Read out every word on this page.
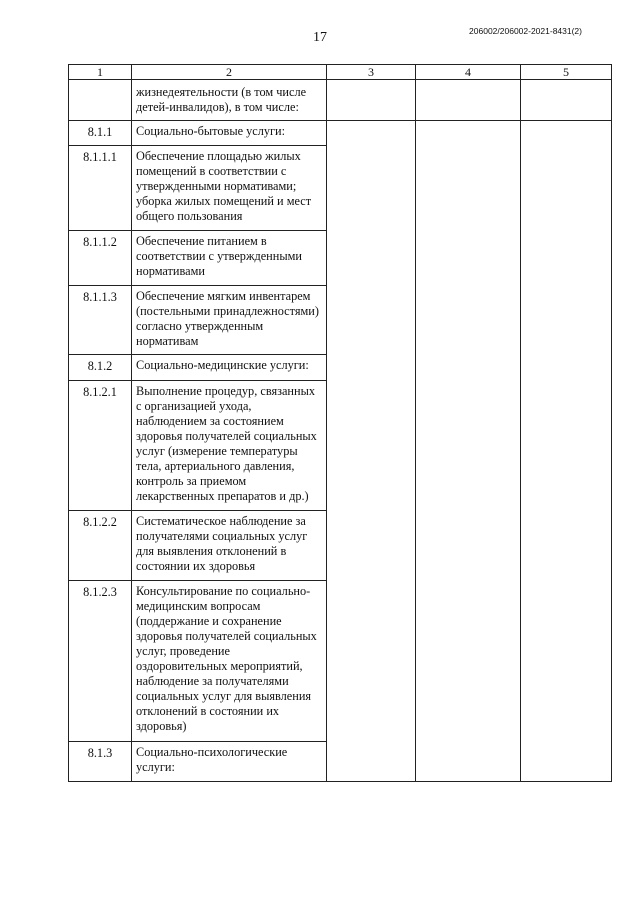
17	206002/206002-2021-8431(2)
1	2	3	4	5
	жизнедеятельности (в том числе детей-инвалидов), в том числе:			
8.1.1	Социально-бытовые услуги:			
8.1.1.1	Обеспечение площадью жилых помещений в соответствии с утвержденными нормативами; уборка жилых помещений и мест общего пользования			
8.1.1.2	Обеспечение питанием в соответствии с утвержденными нормативами			
8.1.1.3	Обеспечение мягким инвентарем (постельными принадлежностями) согласно утвержденным нормативам			
8.1.2	Социально-медицинские услуги:			
8.1.2.1	Выполнение процедур, связанных с организацией ухода, наблюдением за состоянием здоровья получателей социальных услуг (измерение температуры тела, артериального давления, контроль за приемом лекарственных препаратов и др.)			
8.1.2.2	Систематическое наблюдение за получателями социальных услуг для выявления отклонений в состоянии их здоровья			
8.1.2.3	Консультирование по социально-медицинским вопросам (поддержание и сохранение здоровья получателей социальных услуг, проведение оздоровительных мероприятий, наблюдение за получателями социальных услуг для выявления отклонений в состоянии их здоровья)			
8.1.3	Социально-психологические услуги:			
